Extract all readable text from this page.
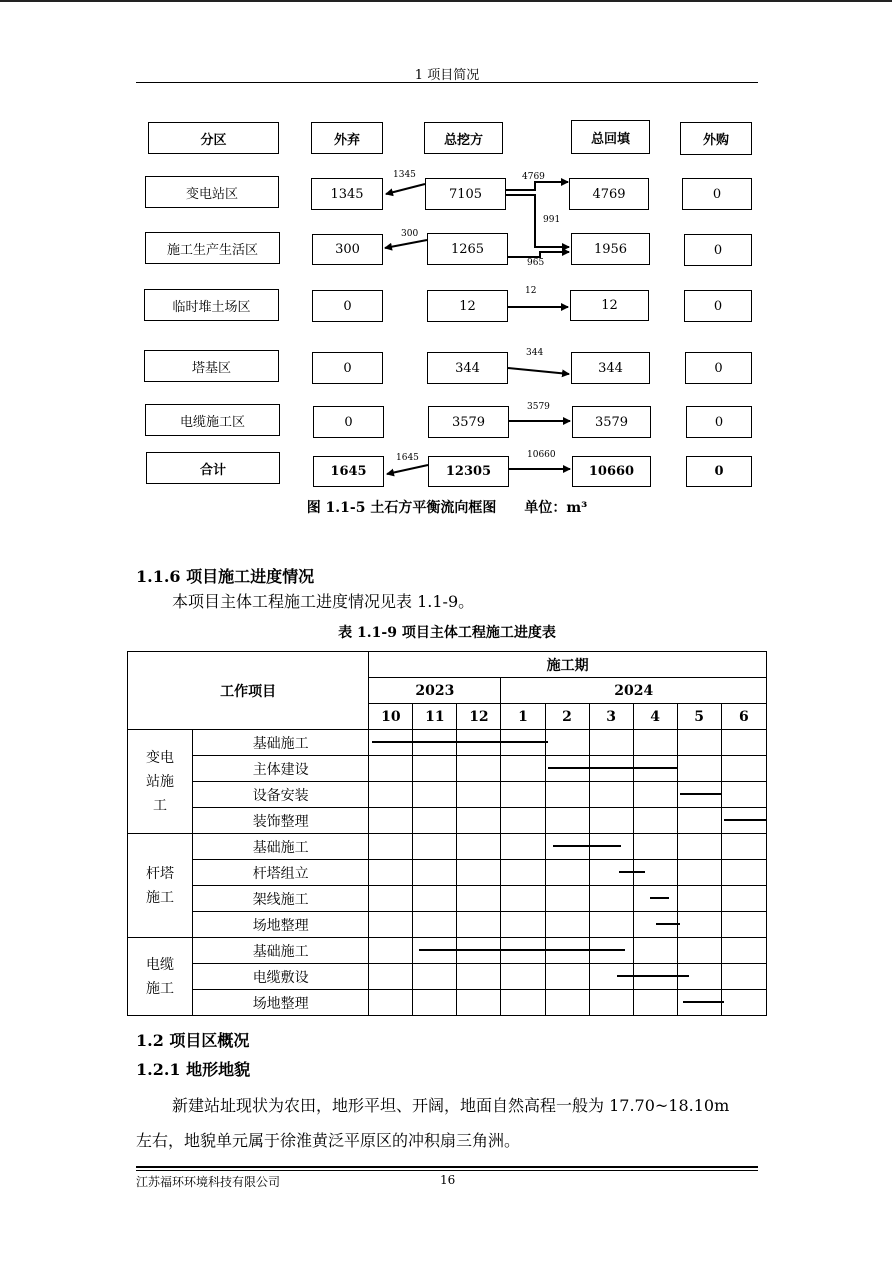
1 项目简况
分区	外弃	总挖方	总回填	外购
变电站区	1345	7105	4769	0
施工生产生活区	300	1265	1956	0
临时堆土场区	0	12	12	0
塔基区	0	344	344	0
电缆施工区	0	3579	3579	0
合计	1645	12305	10660	0
1345	4769
991
300
965
12
344
3579
1645	10660
图 1.1-5 土石方平衡流向框图 单位：m³
1.1.6 项目施工进度情况
本项目主体工程施工进度情况见表 1.1-9。
表 1.1-9 项目主体工程施工进度表
工作项目		施工期								
		2023			2024					
		10	11	12	1	2	3	4	5	6
变电站施工	基础施工	

	主体建设	

	设备安装	

	装饰整理	

杆塔施工	基础施工	

	杆塔组立	

	架线施工	

	场地整理	

电缆施工	基础施工	

	电缆敷设	

	场地整理	

1.2 项目区概况
1.2.1 地形地貌
新建站址现状为农田，地形平坦、开阔，地面自然高程一般为 17.70~18.10m
左右，地貌单元属于徐淮黄泛平原区的冲积扇三角洲。
江苏福环环境科技有限公司	16
